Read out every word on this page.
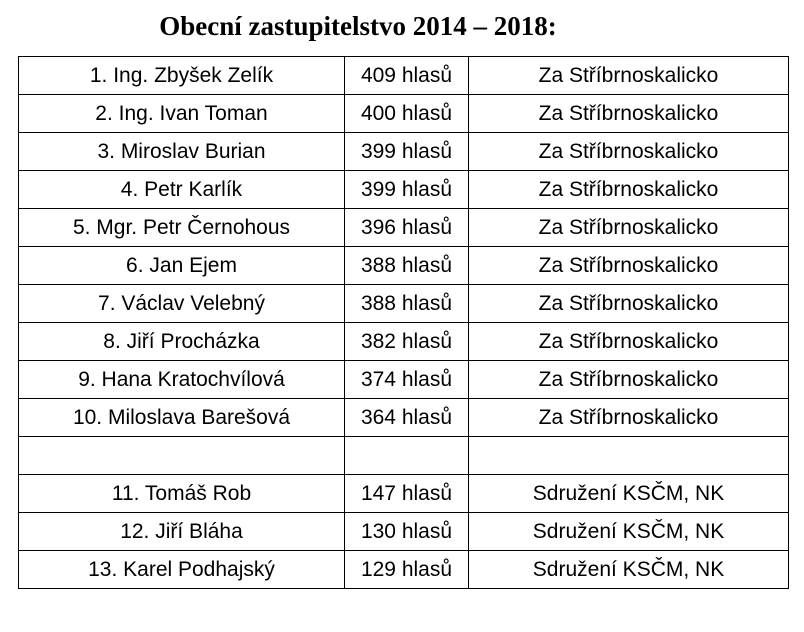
Obecní zastupitelstvo 2014 – 2018:
1. Ing. Zbyšek Zelík	409 hlasů	Za Stříbrnoskalicko
2. Ing. Ivan Toman	400 hlasů	Za Stříbrnoskalicko
3. Miroslav Burian	399 hlasů	Za Stříbrnoskalicko
4. Petr Karlík	399 hlasů	Za Stříbrnoskalicko
5. Mgr. Petr Černohous	396 hlasů	Za Stříbrnoskalicko
6. Jan Ejem	388 hlasů	Za Stříbrnoskalicko
7. Václav Velebný	388 hlasů	Za Stříbrnoskalicko
8. Jiří Procházka	382 hlasů	Za Stříbrnoskalicko
9. Hana Kratochvílová	374 hlasů	Za Stříbrnoskalicko
10. Miloslava Barešová	364 hlasů	Za Stříbrnoskalicko

11. Tomáš Rob	147 hlasů	Sdružení KSČM, NK
12. Jiří Bláha	130 hlasů	Sdružení KSČM, NK
13. Karel Podhajský	129 hlasů	Sdružení KSČM, NK
